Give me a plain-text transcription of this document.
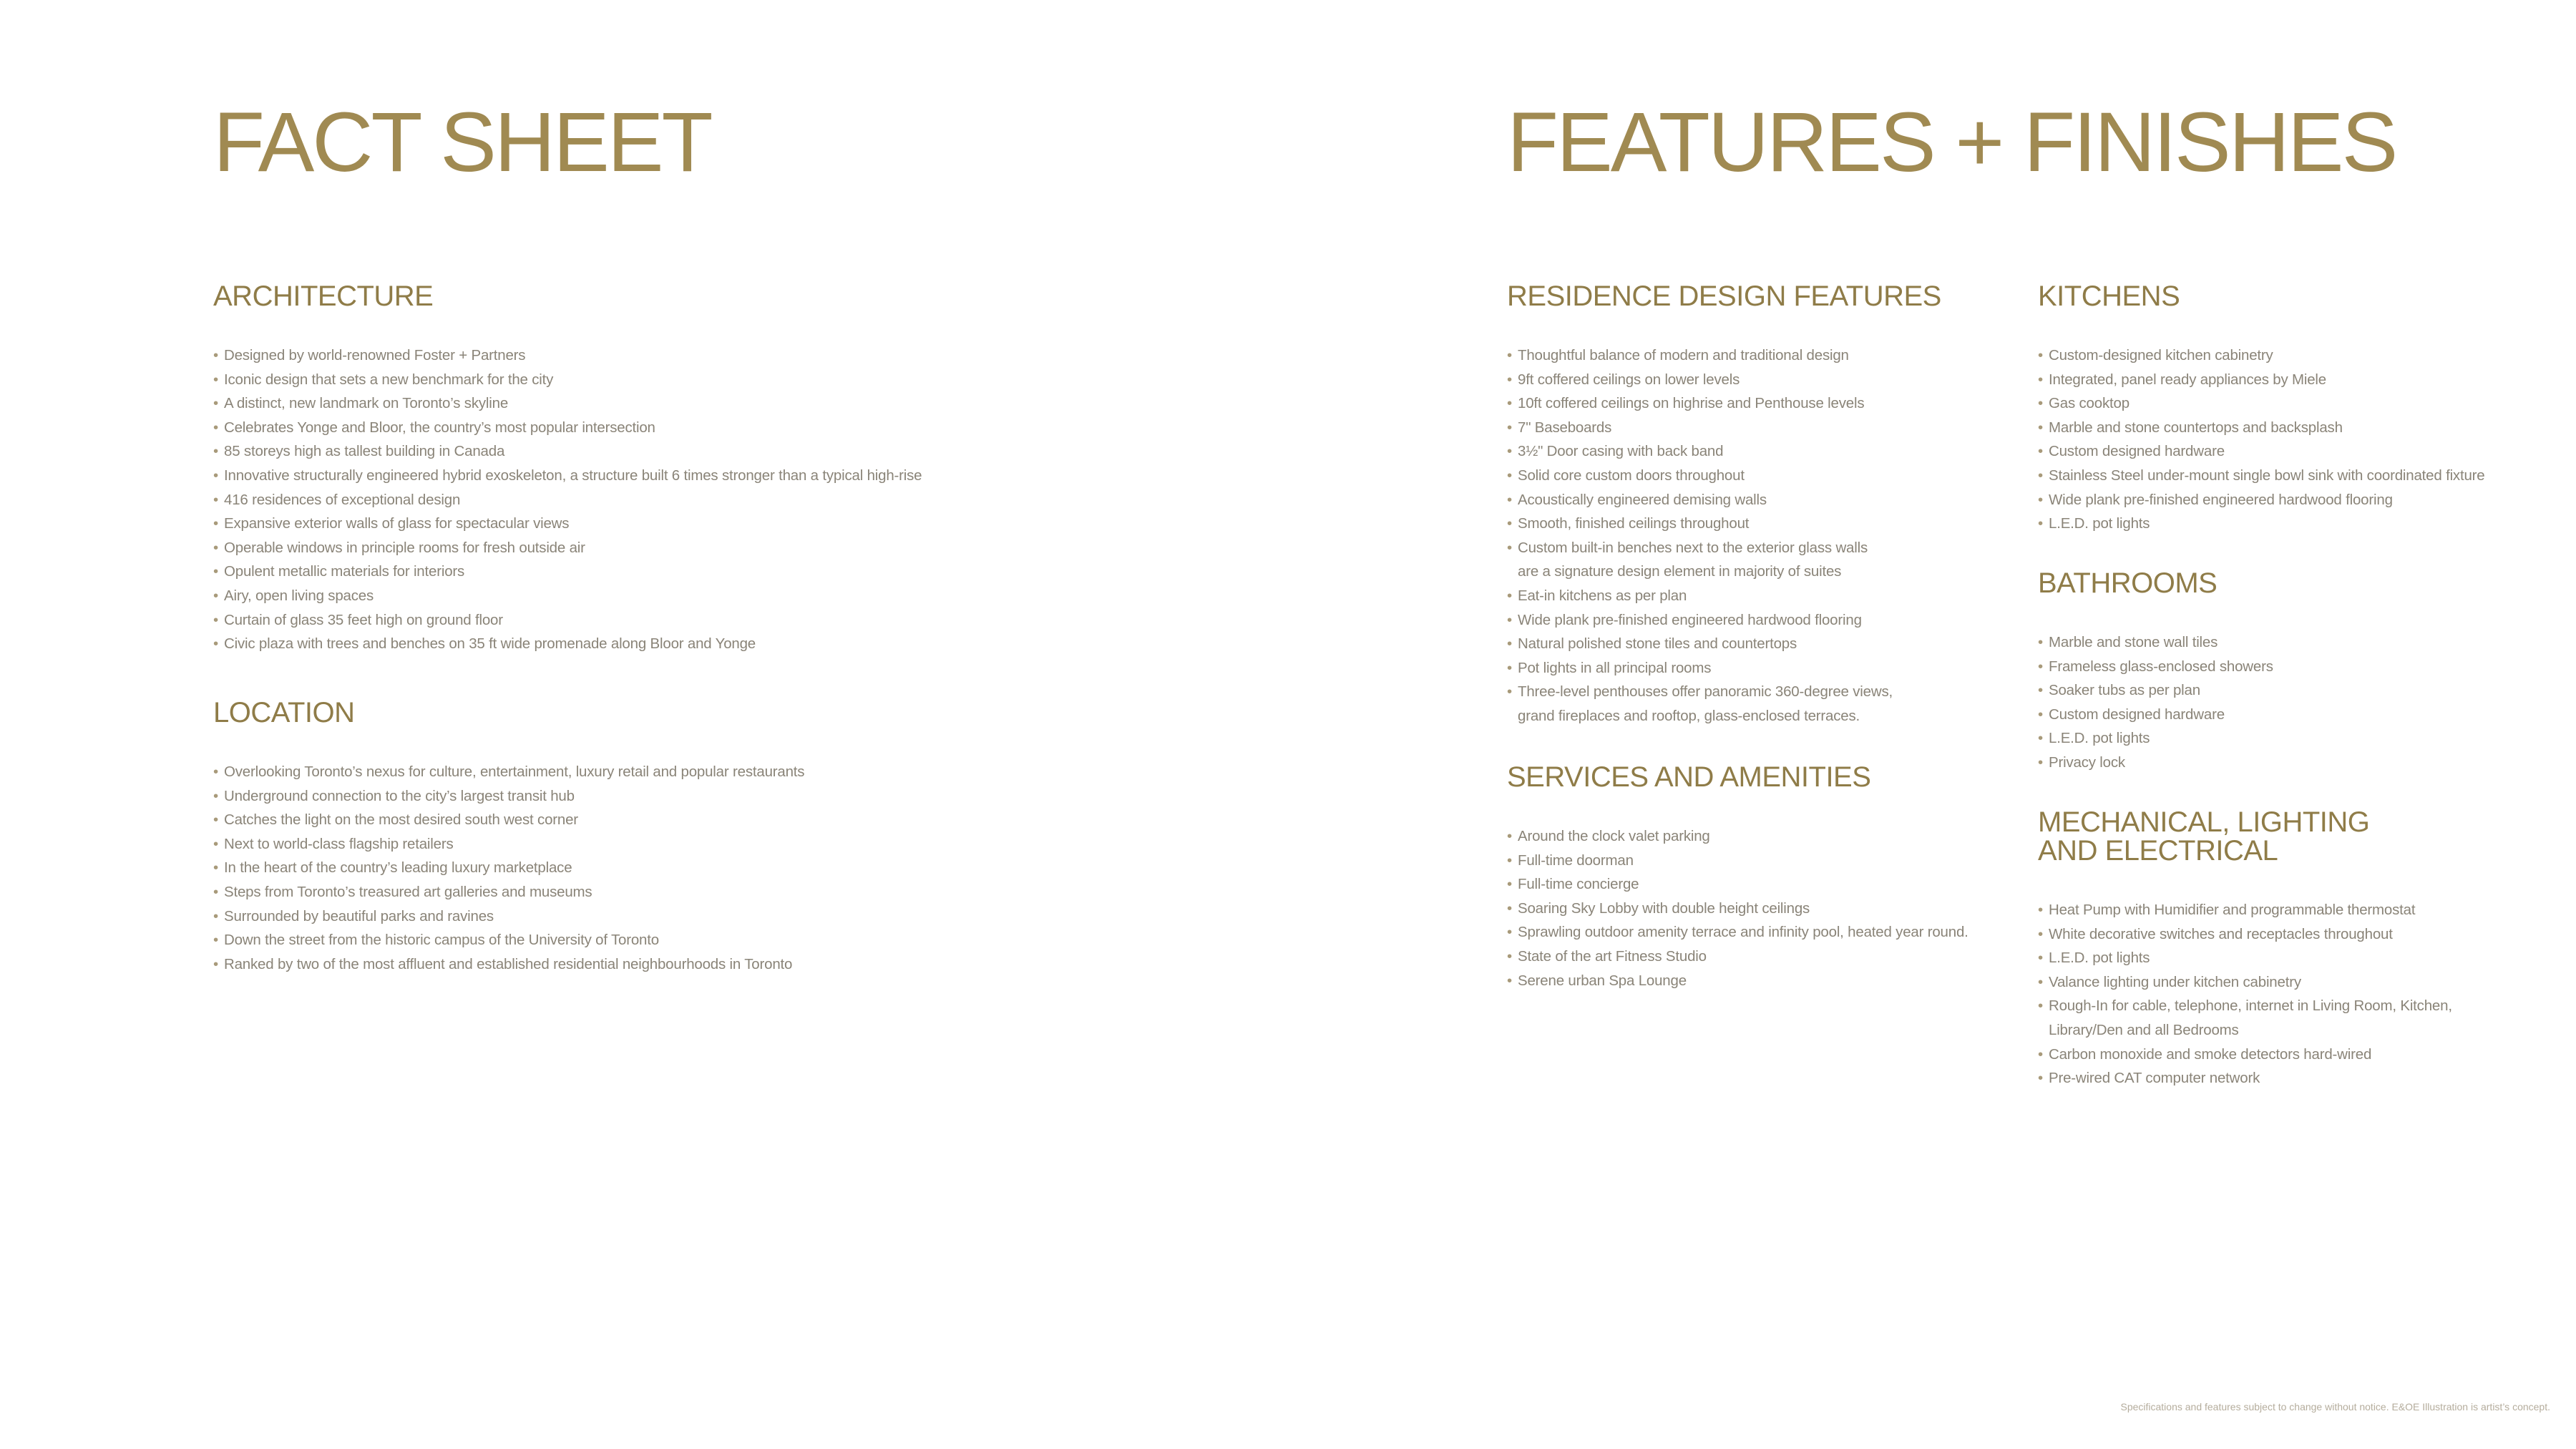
FACT SHEET
ARCHITECTURE
• Designed by world-renowned Foster + Partners
• Iconic design that sets a new benchmark for the city
• A distinct, new landmark on Toronto’s skyline
• Celebrates Yonge and Bloor, the country’s most popular intersection
• 85 storeys high as tallest building in Canada
• Innovative structurally engineered hybrid exoskeleton, a structure built 6 times stronger than a typical high-rise
• 416 residences of exceptional design
• Expansive exterior walls of glass for spectacular views
• Operable windows in principle rooms for fresh outside air
• Opulent metallic materials for interiors
• Airy, open living spaces
• Curtain of glass 35 feet high on ground floor
• Civic plaza with trees and benches on 35 ft wide promenade along Bloor and Yonge
LOCATION
• Overlooking Toronto’s nexus for culture, entertainment, luxury retail and popular restaurants
• Underground connection to the city’s largest transit hub
• Catches the light on the most desired south west corner
• Next to world-class flagship retailers
• In the heart of the country’s leading luxury marketplace
• Steps from Toronto’s treasured art galleries and museums
• Surrounded by beautiful parks and ravines
• Down the street from the historic campus of the University of Toronto
• Ranked by two of the most affluent and established residential neighbourhoods in Toronto
FEATURES + FINISHES
RESIDENCE DESIGN FEATURES
• Thoughtful balance of modern and traditional design
• 9ft coffered ceilings on lower levels
• 10ft coffered ceilings on highrise and Penthouse levels
• 7" Baseboards
• 3½" Door casing with back band
• Solid core custom doors throughout
• Acoustically engineered demising walls
• Smooth, finished ceilings throughout
• Custom built-in benches next to the exterior glass walls
are a signature design element in majority of suites
• Eat-in kitchens as per plan
• Wide plank pre-finished engineered hardwood flooring
• Natural polished stone tiles and countertops
• Pot lights in all principal rooms
• Three-level penthouses offer panoramic 360-degree views,
grand fireplaces and rooftop, glass-enclosed terraces.
SERVICES AND AMENITIES
• Around the clock valet parking
• Full-time doorman
• Full-time concierge
• Soaring Sky Lobby with double height ceilings
• Sprawling outdoor amenity terrace and infinity pool, heated year round.
• State of the art Fitness Studio
• Serene urban Spa Lounge
KITCHENS
• Custom-designed kitchen cabinetry
• Integrated, panel ready appliances by Miele
• Gas cooktop
• Marble and stone countertops and backsplash
• Custom designed hardware
• Stainless Steel under-mount single bowl sink with coordinated fixture
• Wide plank pre-finished engineered hardwood flooring
• L.E.D. pot lights
BATHROOMS
• Marble and stone wall tiles
• Frameless glass-enclosed showers
• Soaker tubs as per plan
• Custom designed hardware
• L.E.D. pot lights
• Privacy lock
MECHANICAL, LIGHTING
AND ELECTRICAL
• Heat Pump with Humidifier and programmable thermostat
• White decorative switches and receptacles throughout
• L.E.D. pot lights
• Valance lighting under kitchen cabinetry
• Rough-In for cable, telephone, internet in Living Room, Kitchen,
Library/Den and all Bedrooms
• Carbon monoxide and smoke detectors hard-wired
• Pre-wired CAT computer network
Specifications and features subject to change without notice. E&OE Illustration is artist’s concept.
